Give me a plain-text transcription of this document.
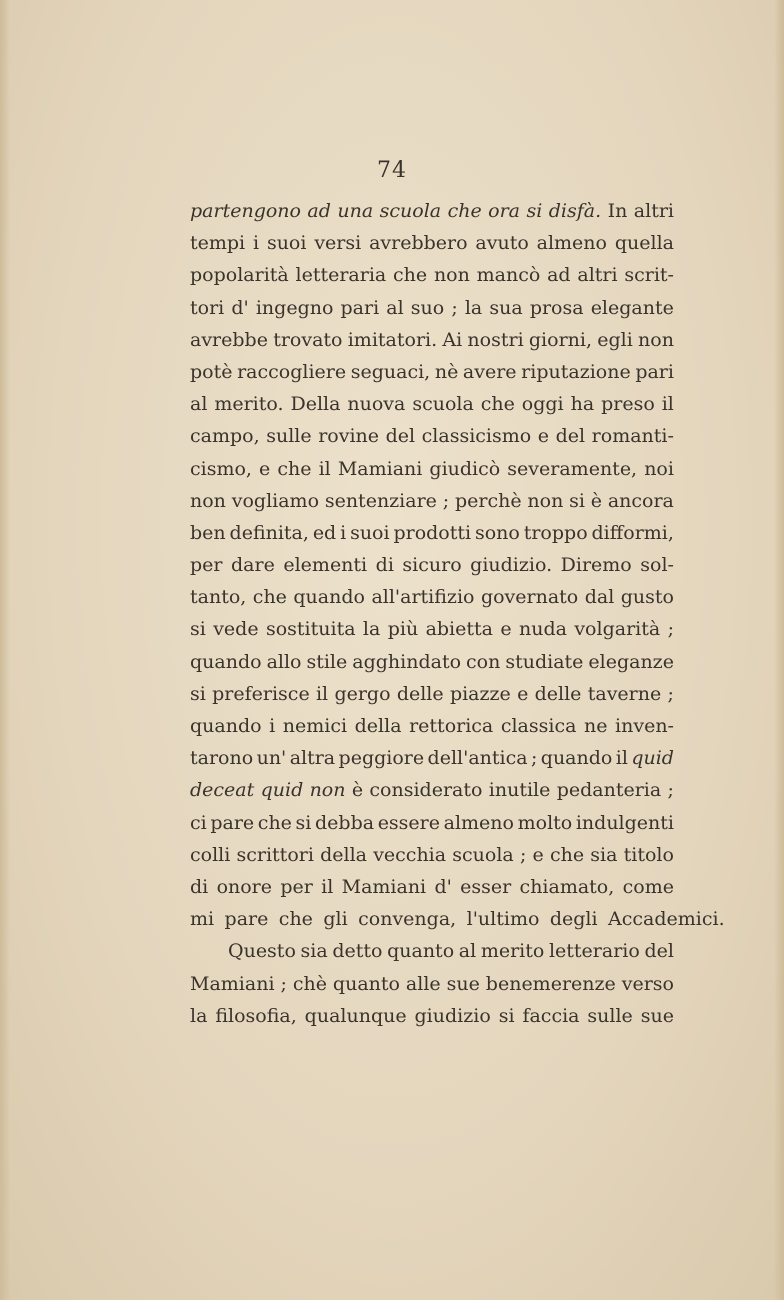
74
partengono ad una scuola che ora si disfà. In altri
tempi i suoi versi avrebbero avuto almeno quella
popolarità letteraria che non mancò ad altri scrit-
tori d' ingegno pari al suo ; la sua prosa elegante
avrebbe trovato imitatori. Ai nostri giorni, egli non
potè raccogliere seguaci, nè avere riputazione pari
al merito. Della nuova scuola che oggi ha preso il
campo, sulle rovine del classicismo e del romanti-
cismo, e che il Mamiani giudicò severamente, noi
non vogliamo sentenziare ; perchè non si è ancora
ben definita, ed i suoi prodotti sono troppo difformi,
per dare elementi di sicuro giudizio. Diremo sol-
tanto, che quando all'artifizio governato dal gusto
si vede sostituita la più abietta e nuda volgarità ;
quando allo stile agghindato con studiate eleganze
si preferisce il gergo delle piazze e delle taverne ;
quando i nemici della rettorica classica ne inven-
tarono un' altra peggiore dell'antica ; quando il quid
deceat quid non è considerato inutile pedanteria ;
ci pare che si debba essere almeno molto indulgenti
colli scrittori della vecchia scuola ; e che sia titolo
di onore per il Mamiani d' esser chiamato, come
mi pare che gli convenga, l'ultimo degli Accademici.
Questo sia detto quanto al merito letterario del
Mamiani ; chè quanto alle sue benemerenze verso
la filosofia, qualunque giudizio si faccia sulle sue
